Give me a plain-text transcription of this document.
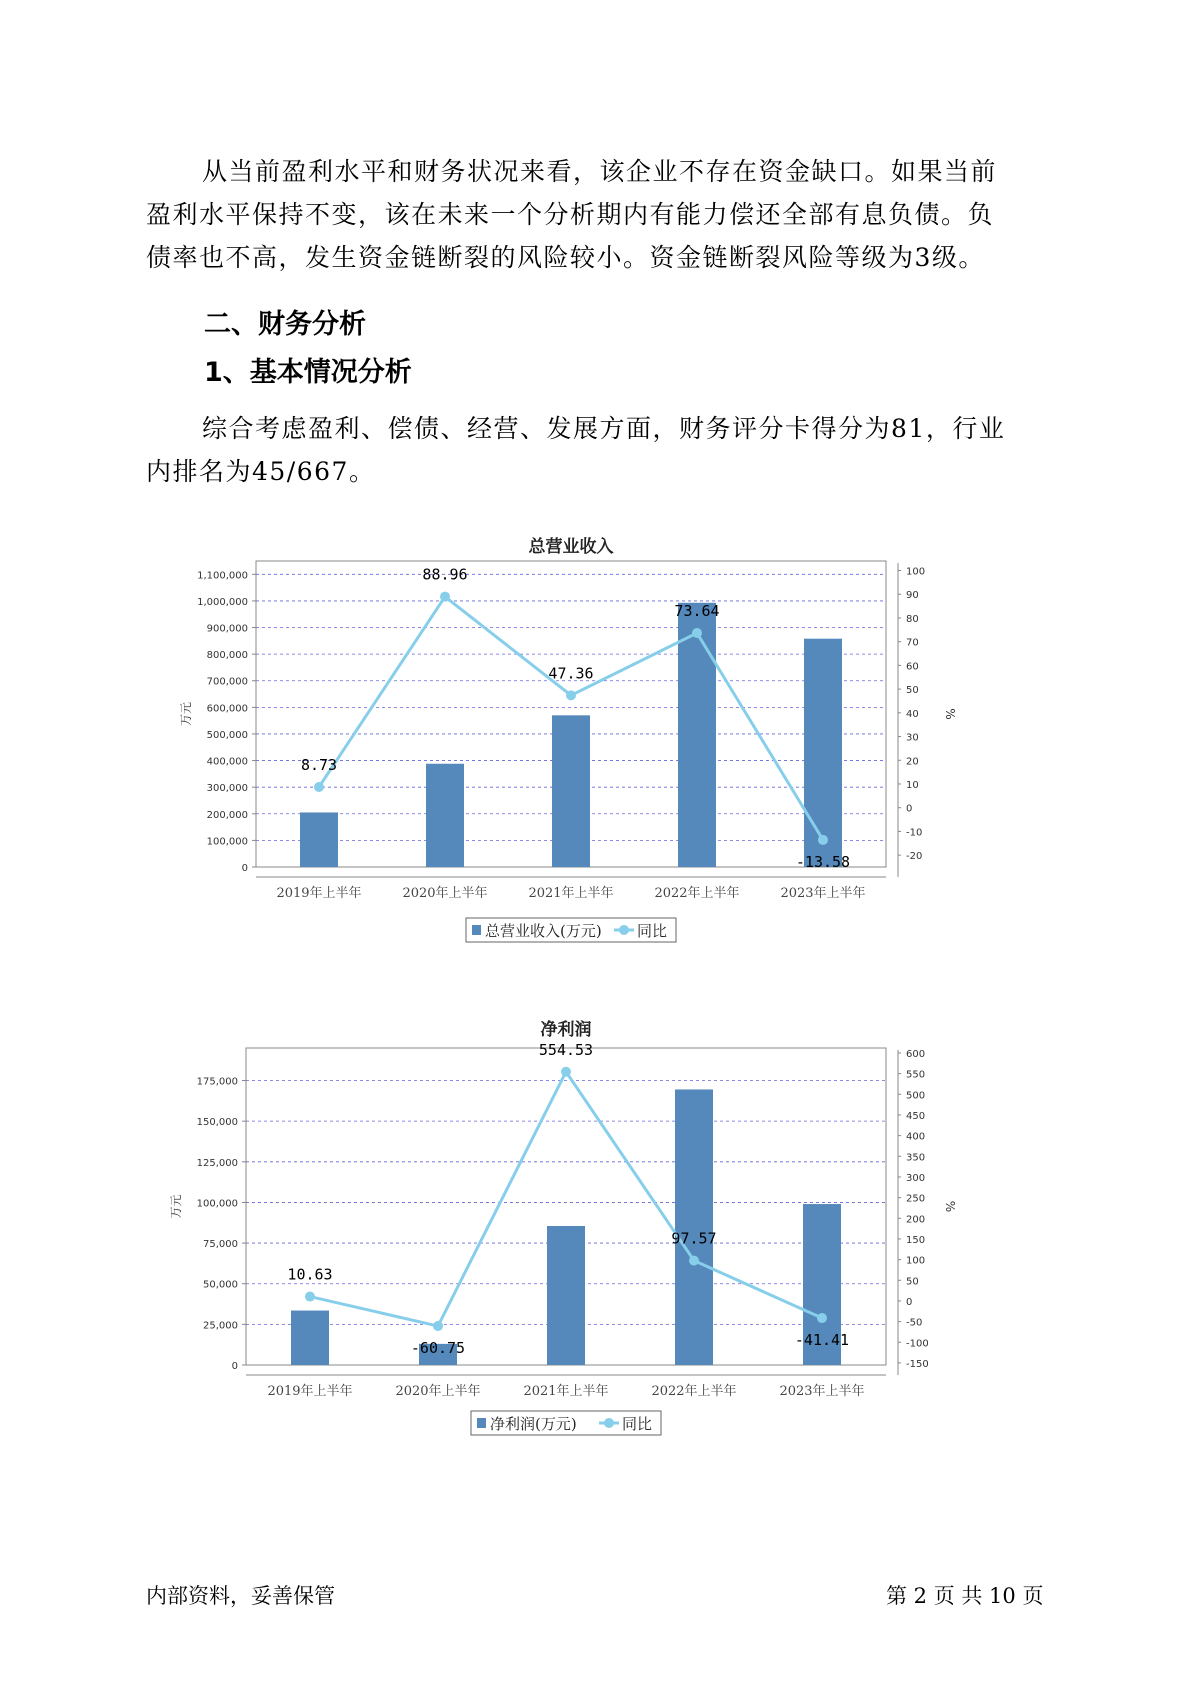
从当前盈利水平和财务状况来看，该企业不存在资金缺口。如果当前
盈利水平保持不变，该在未来一个分析期内有能力偿还全部有息负债。负
债率也不高，发生资金链断裂的风险较小。资金链断裂风险等级为3级。
二、财务分析
1、基本情况分析
综合考虑盈利、偿债、经营、发展方面，财务评分卡得分为81，行业
内排名为45/667。
总营业收入
0
100,000
200,000
300,000
400,000
500,000
600,000
700,000
800,000
900,000
1,000,000
1,100,000
-20
-10
0
10
20
30
40
50
60
70
80
90
100
万元	%
2019年上半年	2020年上半年	2021年上半年	2022年上半年	2023年上半年
8.73
88.96
47.36
73.64
-13.58
总营业收入(万元) 同比
净利润
0
25,000
50,000
75,000
100,000
125,000
150,000
175,000
-150
-100
-50
0
50
100
150
200
250
300
350
400
450
500
550
600
万元	%
2019年上半年	2020年上半年	2021年上半年	2022年上半年	2023年上半年
10.63
-60.75
554.53
97.57
-41.41
净利润(万元)	同比
内部资料，妥善保管	第 2 页 共 10 页
